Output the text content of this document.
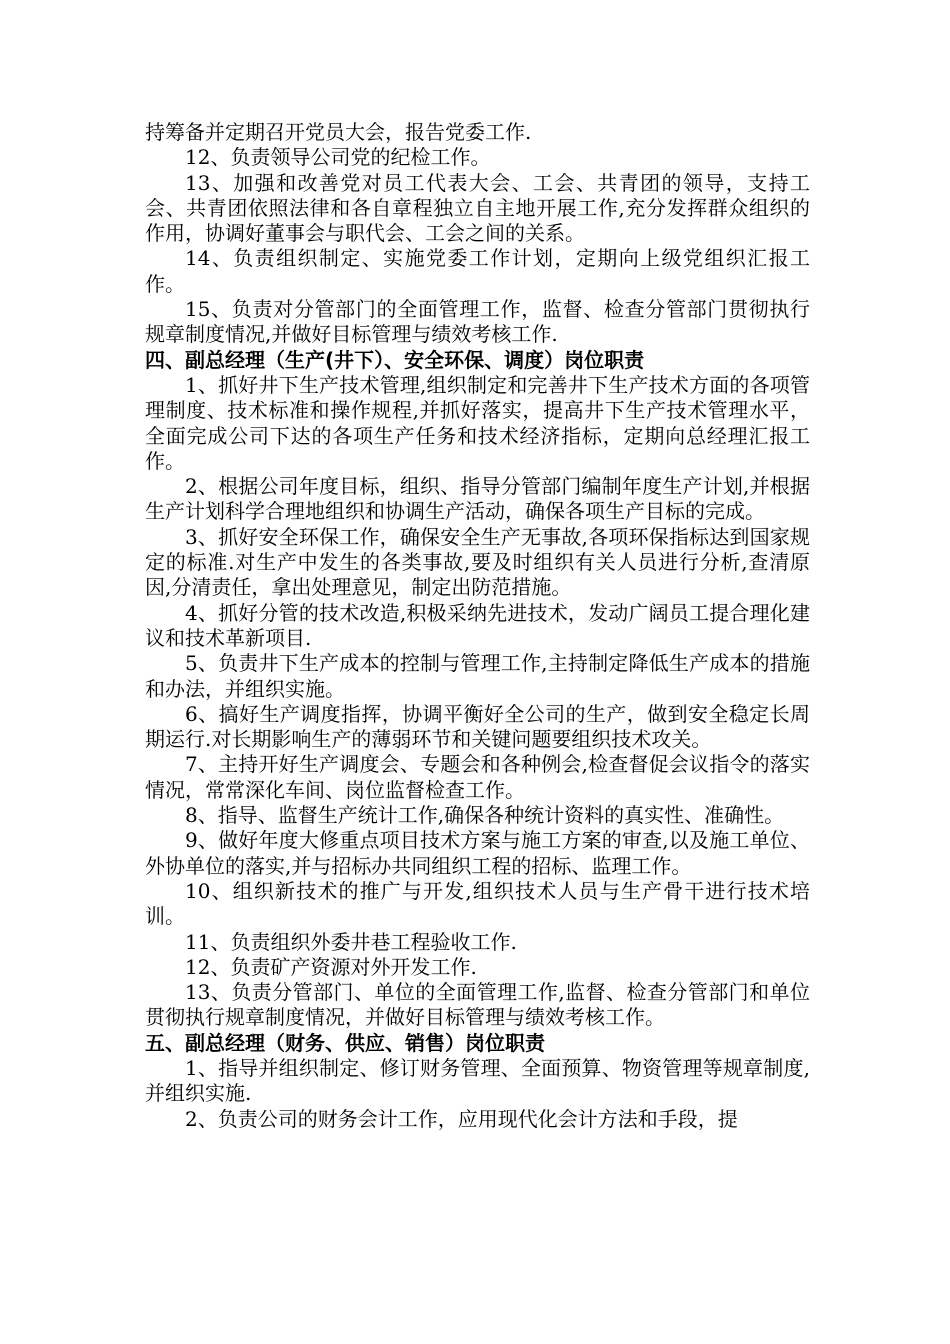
持筹备并定期召开党员大会，报告党委工作.

12、负责领导公司党的纪检工作。

13、加强和改善党对员工代表大会、工会、共青团的领导，支持工会、共青团依照法律和各自章程独立自主地开展工作,充分发挥群众组织的作用，协调好董事会与职代会、工会之间的关系。

14、负责组织制定、实施党委工作计划，定期向上级党组织汇报工作。

15、负责对分管部门的全面管理工作，监督、检查分管部门贯彻执行规章制度情况,并做好目标管理与绩效考核工作.

四、副总经理（生产(井下）、安全环保、调度）岗位职责

1、抓好井下生产技术管理,组织制定和完善井下生产技术方面的各项管理制度、技术标准和操作规程,并抓好落实，提高井下生产技术管理水平，全面完成公司下达的各项生产任务和技术经济指标，定期向总经理汇报工作。

2、根据公司年度目标，组织、指导分管部门编制年度生产计划,并根据生产计划科学合理地组织和协调生产活动，确保各项生产目标的完成。

3、抓好安全环保工作，确保安全生产无事故,各项环保指标达到国家规定的标准.对生产中发生的各类事故,要及时组织有关人员进行分析,查清原因,分清责任，拿出处理意见，制定出防范措施。

4、抓好分管的技术改造,积极采纳先进技术，发动广阔员工提合理化建议和技术革新项目.

5、负责井下生产成本的控制与管理工作,主持制定降低生产成本的措施和办法，并组织实施。

6、搞好生产调度指挥，协调平衡好全公司的生产，做到安全稳定长周期运行.对长期影响生产的薄弱环节和关键问题要组织技术攻关。

7、主持开好生产调度会、专题会和各种例会,检查督促会议指令的落实情况，常常深化车间、岗位监督检查工作。

8、指导、监督生产统计工作,确保各种统计资料的真实性、准确性。

9、做好年度大修重点项目技术方案与施工方案的审查,以及施工单位、外协单位的落实,并与招标办共同组织工程的招标、监理工作。

10、组织新技术的推广与开发,组织技术人员与生产骨干进行技术培训。

11、负责组织外委井巷工程验收工作.

12、负责矿产资源对外开发工作.

13、负责分管部门、单位的全面管理工作,监督、检查分管部门和单位贯彻执行规章制度情况，并做好目标管理与绩效考核工作。

五、副总经理（财务、供应、销售）岗位职责

1、指导并组织制定、修订财务管理、全面预算、物资管理等规章制度,并组织实施.

2、负责公司的财务会计工作，应用现代化会计方法和手段，提
